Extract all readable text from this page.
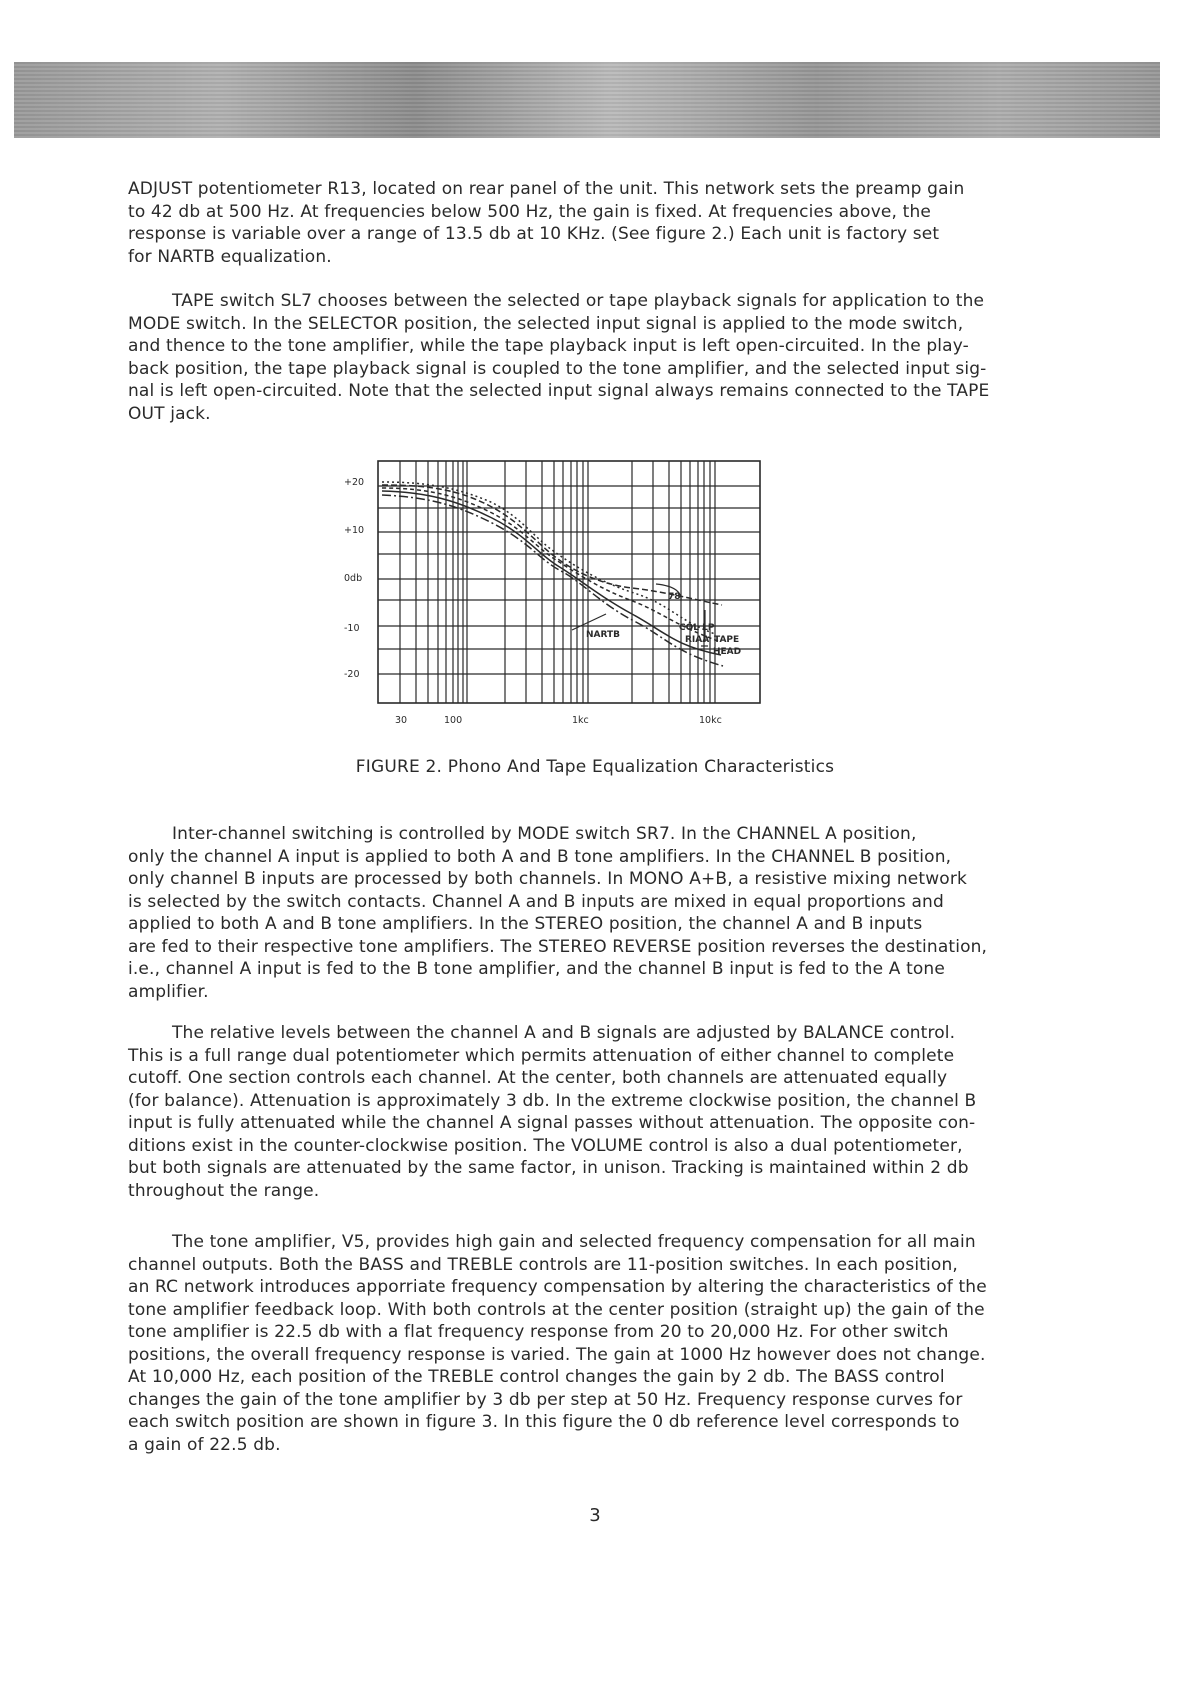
ADJUST potentiometer R13, located on rear panel of the unit. This network sets the preamp gain
to 42 db at 500 Hz. At frequencies below 500 Hz, the gain is fixed. At frequencies above, the
response is variable over a range of 13.5 db at 10 KHz. (See figure 2.) Each unit is factory set
for NARTB equalization.
TAPE switch SL7 chooses between the selected or tape playback signals for application to the
MODE switch. In the SELECTOR position, the selected input signal is applied to the mode switch,
and thence to the tone amplifier, while the tape playback input is left open-circuited. In the play-
back position, the tape playback signal is coupled to the tone amplifier, and the selected input sig-
nal is left open-circuited. Note that the selected input signal always remains connected to the TAPE
OUT jack.
+20
+10
0db
-10
-20
30	100	1kc	10kc
NARTB
78
COL LP
RIAA TAPE
HEAD
FIGURE 2. Phono And Tape Equalization Characteristics
Inter-channel switching is controlled by MODE switch SR7. In the CHANNEL A position,
only the channel A input is applied to both A and B tone amplifiers. In the CHANNEL B position,
only channel B inputs are processed by both channels. In MONO A+B, a resistive mixing network
is selected by the switch contacts. Channel A and B inputs are mixed in equal proportions and
applied to both A and B tone amplifiers. In the STEREO position, the channel A and B inputs
are fed to their respective tone amplifiers. The STEREO REVERSE position reverses the destination,
i.e., channel A input is fed to the B tone amplifier, and the channel B input is fed to the A tone
amplifier.
The relative levels between the channel A and B signals are adjusted by BALANCE control.
This is a full range dual potentiometer which permits attenuation of either channel to complete
cutoff. One section controls each channel. At the center, both channels are attenuated equally
(for balance). Attenuation is approximately 3 db. In the extreme clockwise position, the channel B
input is fully attenuated while the channel A signal passes without attenuation. The opposite con-
ditions exist in the counter-clockwise position. The VOLUME control is also a dual potentiometer,
but both signals are attenuated by the same factor, in unison. Tracking is maintained within 2 db
throughout the range.
The tone amplifier, V5, provides high gain and selected frequency compensation for all main
channel outputs. Both the BASS and TREBLE controls are 11-position switches. In each position,
an RC network introduces apporriate frequency compensation by altering the characteristics of the
tone amplifier feedback loop. With both controls at the center position (straight up) the gain of the
tone amplifier is 22.5 db with a flat frequency response from 20 to 20,000 Hz. For other switch
positions, the overall frequency response is varied. The gain at 1000 Hz however does not change.
At 10,000 Hz, each position of the TREBLE control changes the gain by 2 db. The BASS control
changes the gain of the tone amplifier by 3 db per step at 50 Hz. Frequency response curves for
each switch position are shown in figure 3. In this figure the 0 db reference level corresponds to
a gain of 22.5 db.
3
